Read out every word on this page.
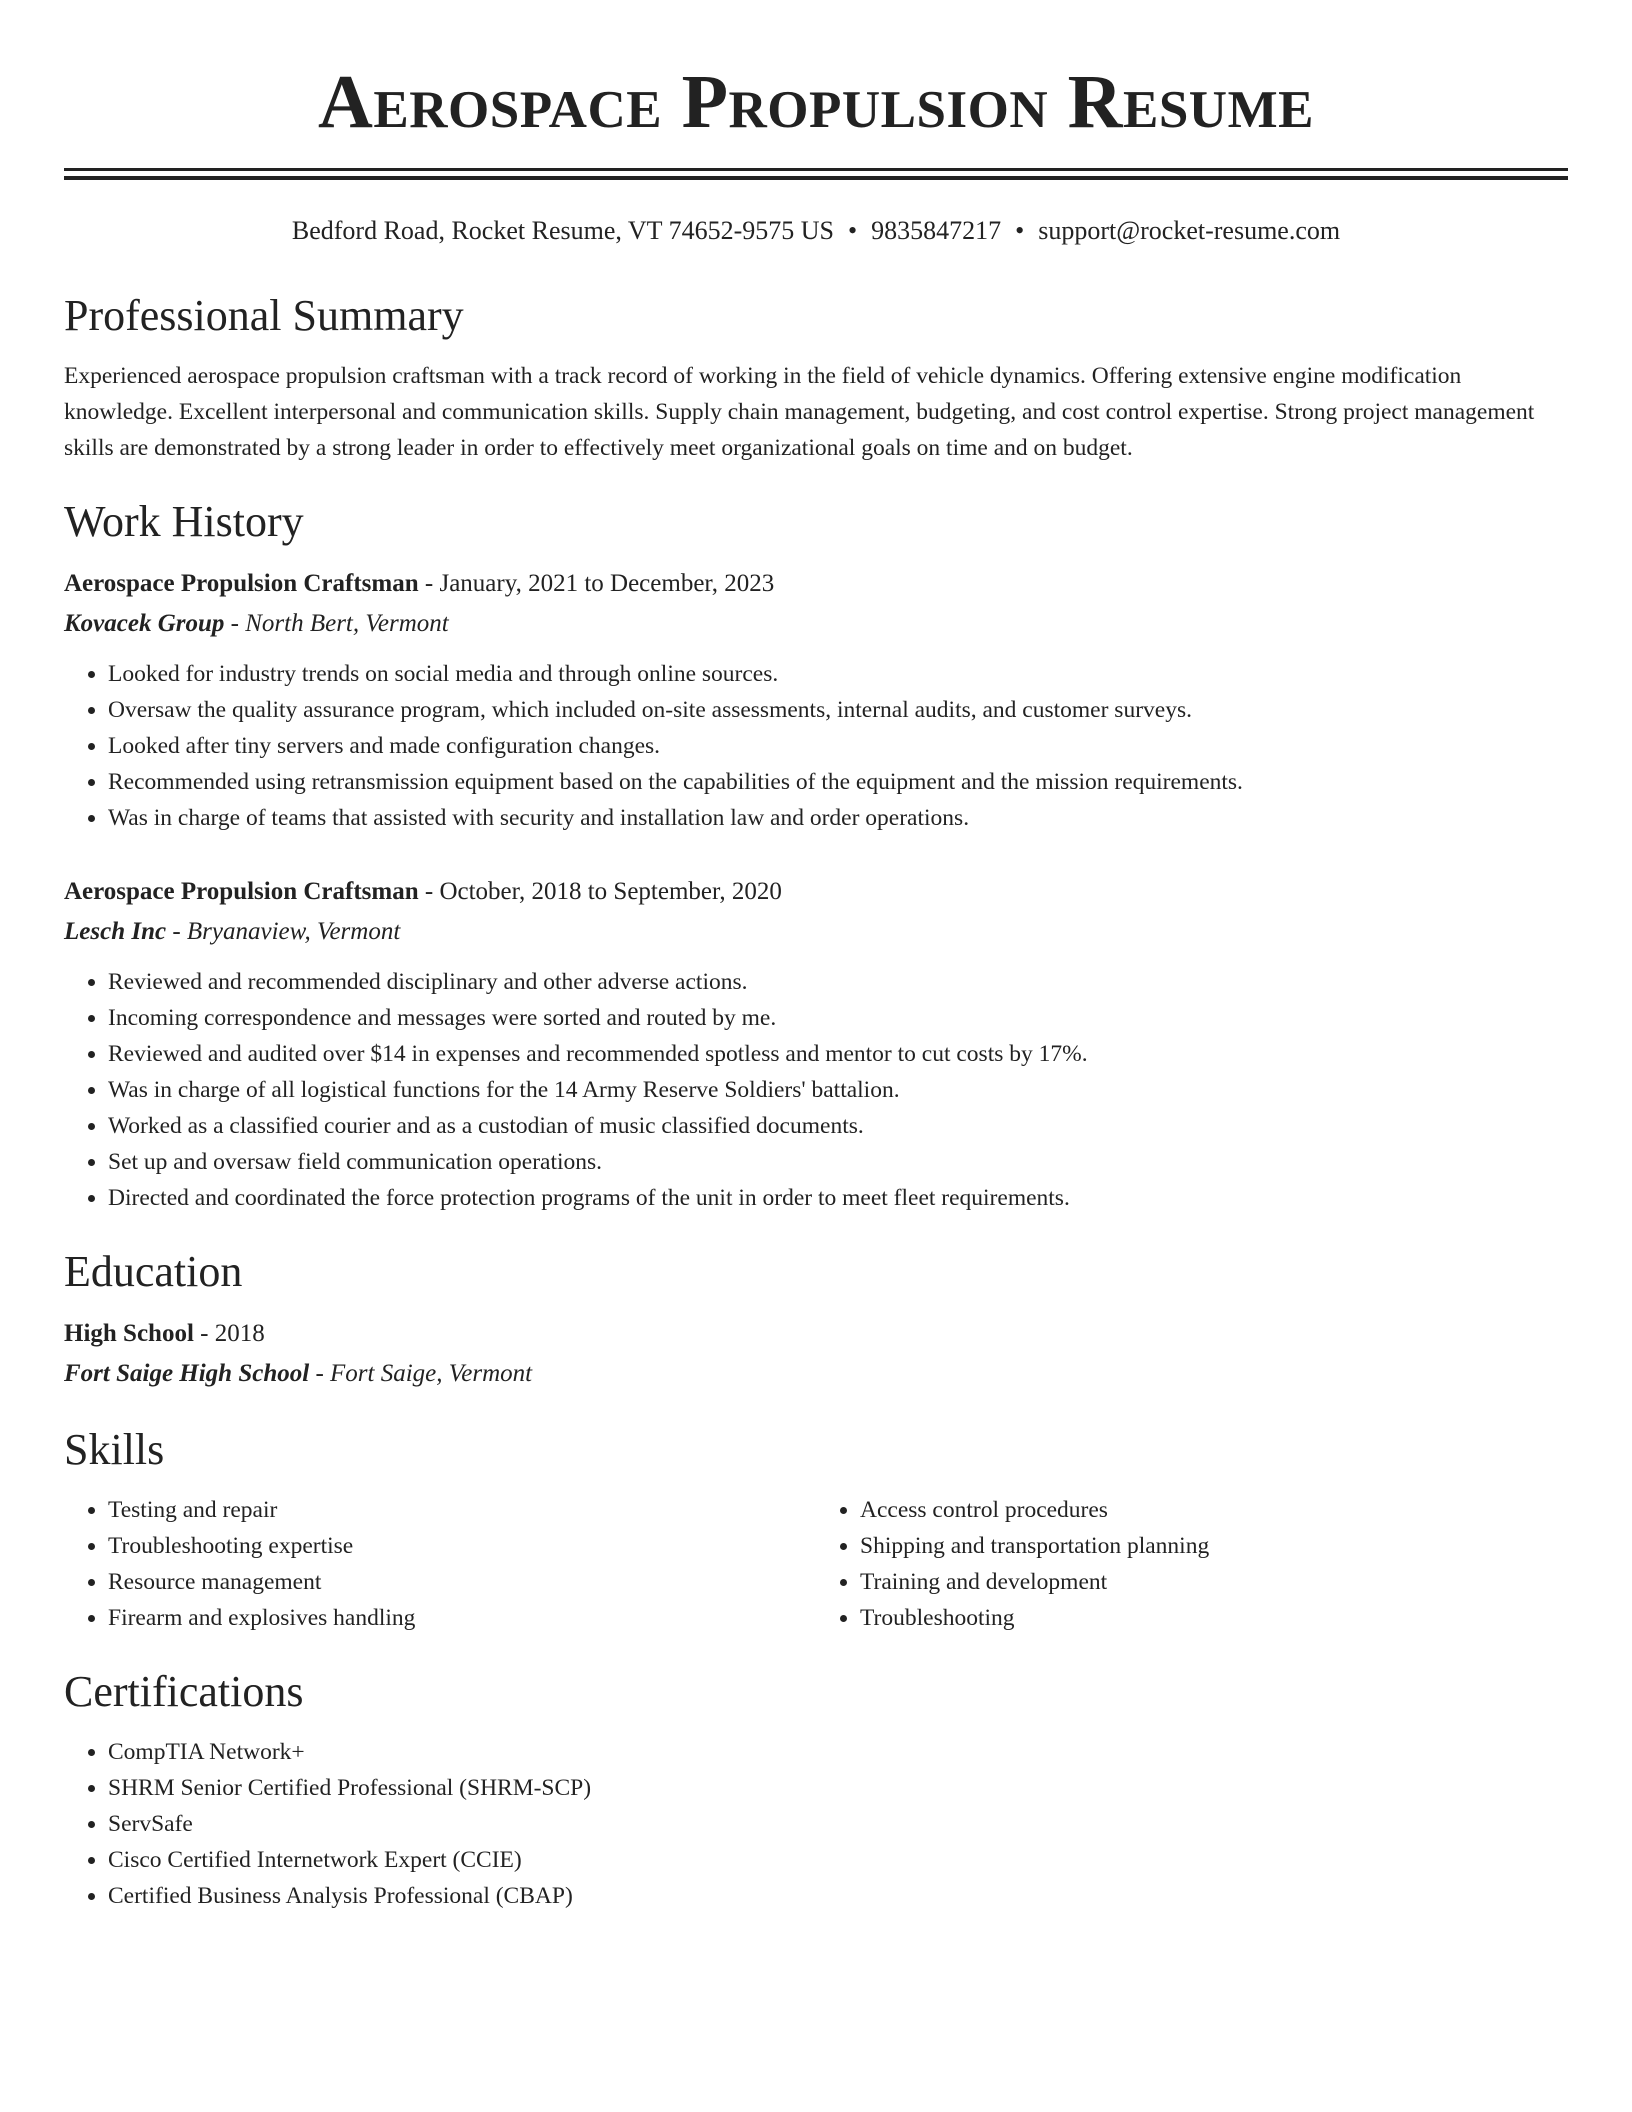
Aerospace Propulsion Resume
Bedford Road, Rocket Resume, VT 74652-9575 US • 9835847217 • support@rocket-resume.com
Professional Summary
Experienced aerospace propulsion craftsman with a track record of working in the field of vehicle dynamics. Offering extensive engine modification knowledge. Excellent interpersonal and communication skills. Supply chain management, budgeting, and cost control expertise. Strong project management skills are demonstrated by a strong leader in order to effectively meet organizational goals on time and on budget.
Work History
Aerospace Propulsion Craftsman - January, 2021 to December, 2023
Kovacek Group - North Bert, Vermont
• Looked for industry trends on social media and through online sources.
• Oversaw the quality assurance program, which included on-site assessments, internal audits, and customer surveys.
• Looked after tiny servers and made configuration changes.
• Recommended using retransmission equipment based on the capabilities of the equipment and the mission requirements.
• Was in charge of teams that assisted with security and installation law and order operations.
Aerospace Propulsion Craftsman - October, 2018 to September, 2020
Lesch Inc - Bryanaview, Vermont
• Reviewed and recommended disciplinary and other adverse actions.
• Incoming correspondence and messages were sorted and routed by me.
• Reviewed and audited over $14 in expenses and recommended spotless and mentor to cut costs by 17%.
• Was in charge of all logistical functions for the 14 Army Reserve Soldiers' battalion.
• Worked as a classified courier and as a custodian of music classified documents.
• Set up and oversaw field communication operations.
• Directed and coordinated the force protection programs of the unit in order to meet fleet requirements.
Education
High School - 2018
Fort Saige High School - Fort Saige, Vermont
Skills
• Testing and repair
• Troubleshooting expertise
• Resource management
• Firearm and explosives handling
• Access control procedures
• Shipping and transportation planning
• Training and development
• Troubleshooting
Certifications
• CompTIA Network+
• SHRM Senior Certified Professional (SHRM-SCP)
• ServSafe
• Cisco Certified Internetwork Expert (CCIE)
• Certified Business Analysis Professional (CBAP)
